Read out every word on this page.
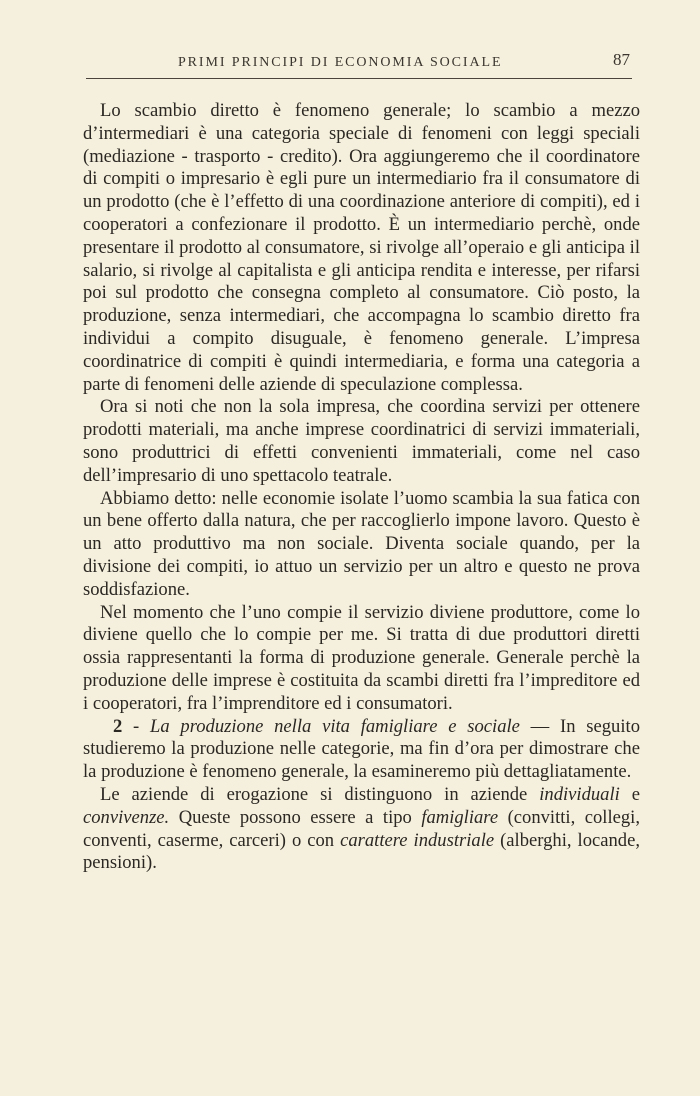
PRIMI PRINCIPI DI ECONOMIA SOCIALE	87

Lo scambio diretto è fenomeno generale; lo scambio a mezzo d’intermediari è una categoria speciale di fenomeni con leggi speciali (mediazione - trasporto - credito). Ora aggiungeremo che il coordinatore di compiti o impresario è egli pure un intermediario fra il consumatore di un prodotto (che è l’effetto di una coordinazione anteriore di compiti), ed i cooperatori a confezionare il prodotto. È un intermediario perchè, onde presentare il prodotto al consumatore, si rivolge all’operaio e gli anticipa il salario, si rivolge al capitalista e gli anticipa rendita e interesse, per rifarsi poi sul prodotto che consegna completo al consumatore. Ciò posto, la produzione, senza intermediari, che accompagna lo scambio diretto fra individui a compito disuguale, è fenomeno generale. L’impresa coordinatrice di compiti è quindi intermediaria, e forma una categoria a parte di fenomeni delle aziende di speculazione complessa.

Ora si noti che non la sola impresa, che coordina servizi per ottenere prodotti materiali, ma anche imprese coordinatrici di servizi immateriali, sono produttrici di effetti convenienti immateriali, come nel caso dell’impresario di uno spettacolo teatrale.

Abbiamo detto: nelle economie isolate l’uomo scambia la sua fatica con un bene offerto dalla natura, che per raccoglierlo impone lavoro. Questo è un atto produttivo ma non sociale. Diventa sociale quando, per la divisione dei compiti, io attuo un servizio per un altro e questo ne prova soddisfazione.

Nel momento che l’uno compie il servizio diviene produttore, come lo diviene quello che lo compie per me. Si tratta di due produttori diretti ossia rappresentanti la forma di produzione generale. Generale perchè la produzione delle imprese è costituita da scambi diretti fra l’impreditore ed i cooperatori, fra l’imprenditore ed i consumatori.

2 - La produzione nella vita famigliare e sociale — In seguito studieremo la produzione nelle categorie, ma fin d’ora per dimostrare che la produzione è fenomeno generale, la esamineremo più dettagliatamente.

Le aziende di erogazione si distinguono in aziende individuali e convivenze. Queste possono essere a tipo famigliare (convitti, collegi, conventi, caserme, carceri) o con carattere industriale (alberghi, locande, pensioni).
